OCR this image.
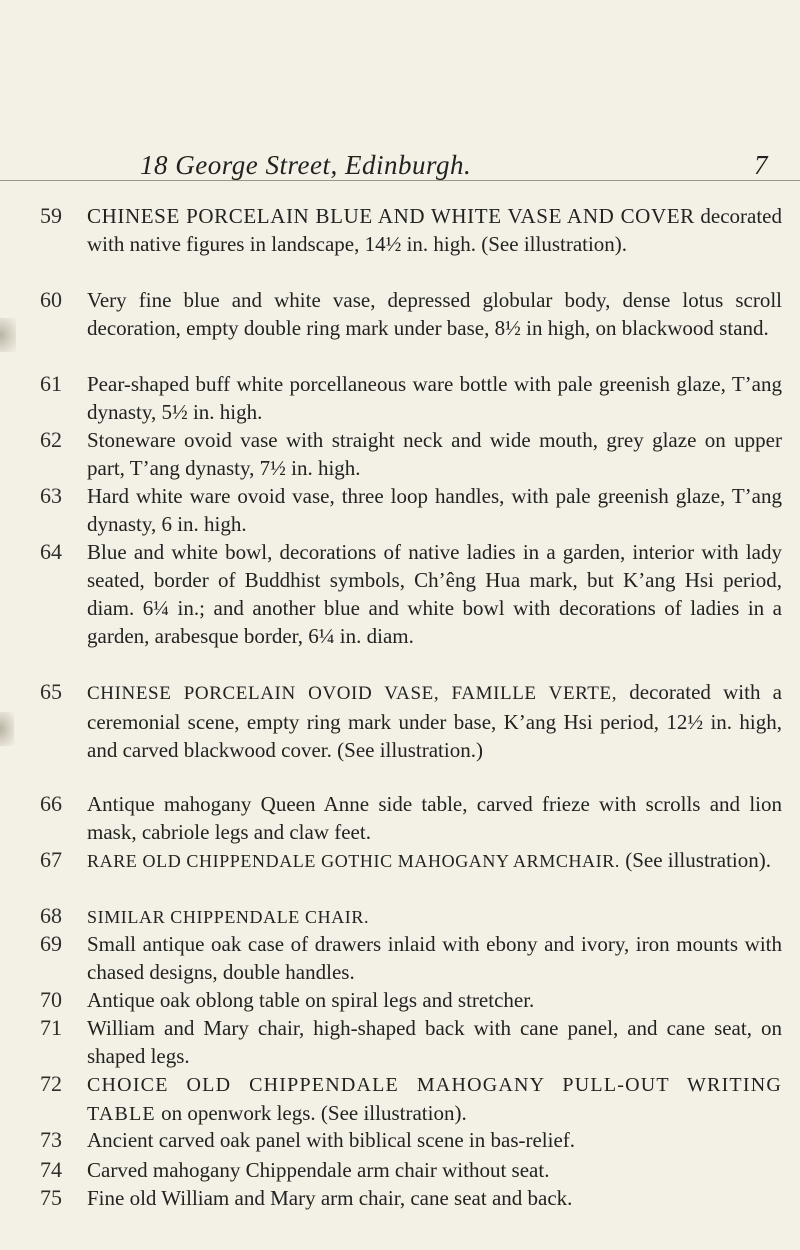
18 George Street, Edinburgh.	7
59 CHINESE PORCELAIN BLUE AND WHITE VASE AND COVER decorated with native figures in landscape, 14½ in. high. (See illustration).
60 Very fine blue and white vase, depressed globular body, dense lotus scroll decoration, empty double ring mark under base, 8½ in high, on blackwood stand.
61 Pear-shaped buff white porcellaneous ware bottle with pale greenish glaze, T’ang dynasty, 5½ in. high.
62 Stoneware ovoid vase with straight neck and wide mouth, grey glaze on upper part, T’ang dynasty, 7½ in. high.
63 Hard white ware ovoid vase, three loop handles, with pale greenish glaze, T’ang dynasty, 6 in. high.
64 Blue and white bowl, decorations of native ladies in a garden, interior with lady seated, border of Buddhist symbols, Ch’êng Hua mark, but K’ang Hsi period, diam. 6¼ in.; and another blue and white bowl with decorations of ladies in a garden, arabesque border, 6¼ in. diam.
65 CHINESE PORCELAIN OVOID VASE, FAMILLE VERTE, decorated with a ceremonial scene, empty ring mark under base, K’ang Hsi period, 12½ in. high, and carved blackwood cover. (See illustration.)
66 Antique mahogany Queen Anne side table, carved frieze with scrolls and lion mask, cabriole legs and claw feet.
67 RARE OLD CHIPPENDALE GOTHIC MAHOGANY ARMCHAIR. (See illustration).
68 SIMILAR CHIPPENDALE CHAIR.
69 Small antique oak case of drawers inlaid with ebony and ivory, iron mounts with chased designs, double handles.
70 Antique oak oblong table on spiral legs and stretcher.
71 William and Mary chair, high-shaped back with cane panel, and cane seat, on shaped legs.
72 CHOICE OLD CHIPPENDALE MAHOGANY PULL-OUT WRITING TABLE on openwork legs. (See illustration).
73 Ancient carved oak panel with biblical scene in bas-relief.
74 Carved mahogany Chippendale arm chair without seat.
75 Fine old William and Mary arm chair, cane seat and back.
